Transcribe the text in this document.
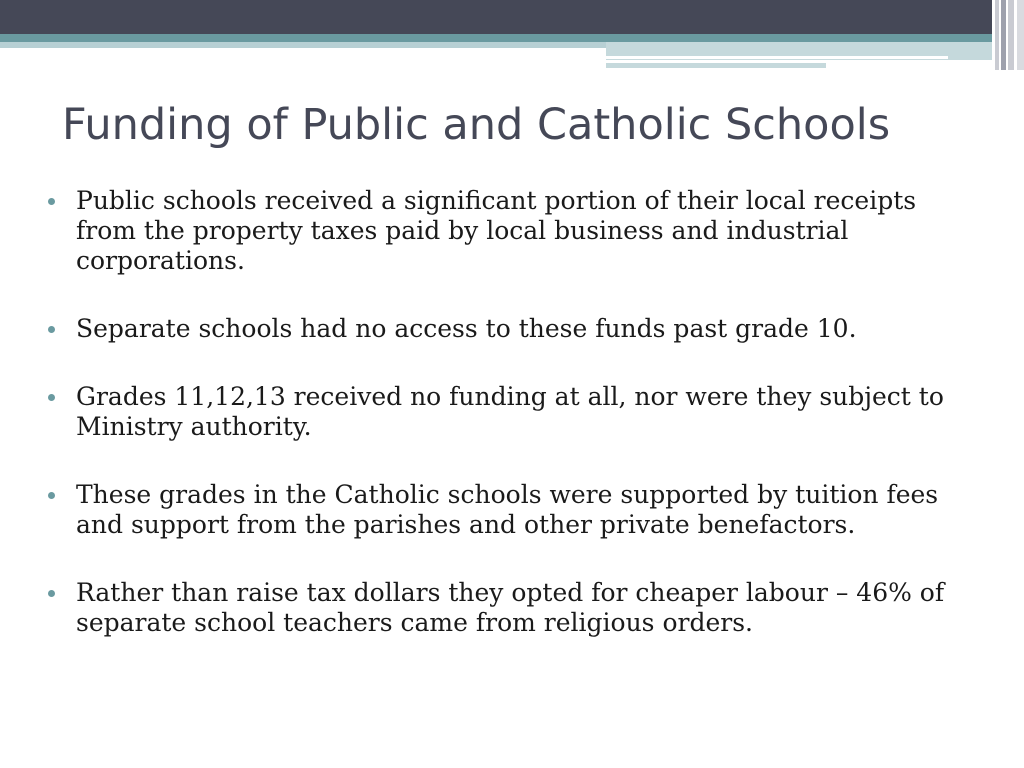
Funding of Public and Catholic Schools
Public schools received a significant portion of their local receipts from the property taxes paid by local business and industrial corporations.
Separate schools had no access to these funds past grade 10.
Grades 11,12,13 received no funding at all, nor were they subject to Ministry authority.
These grades in the Catholic schools were supported by tuition fees and support from the parishes and other private benefactors.
Rather than raise tax dollars they opted for cheaper labour – 46% of separate school teachers came from religious orders.
